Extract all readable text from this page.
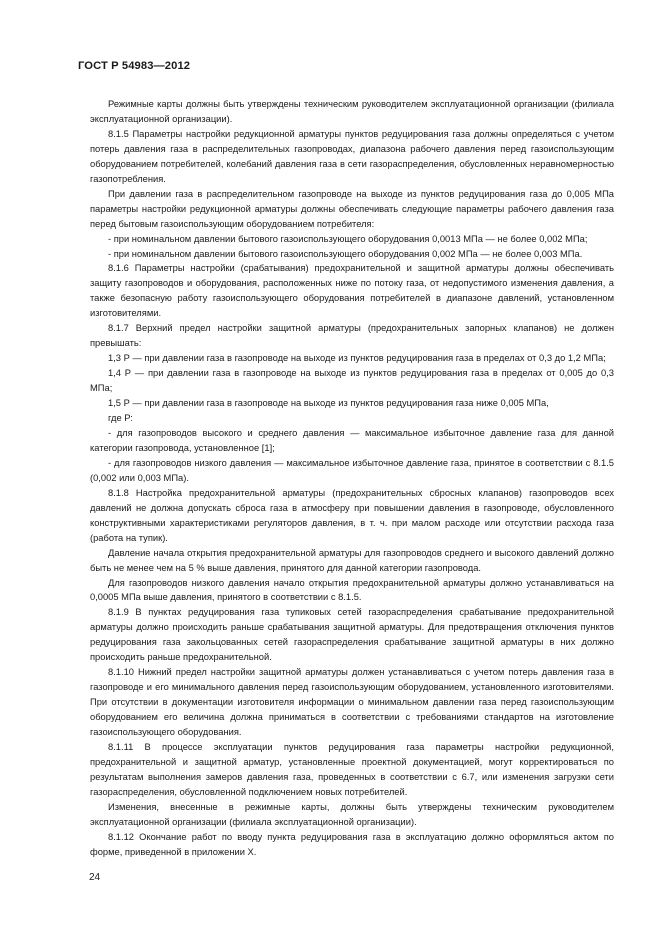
ГОСТ Р 54983—2012

Режимные карты должны быть утверждены техническим руководителем эксплуатационной организации (филиала эксплуатационной организации).

8.1.5 Параметры настройки редукционной арматуры пунктов редуцирования газа должны определяться с учетом потерь давления газа в распределительных газопроводах, диапазона рабочего давления перед газоиспользующим оборудованием потребителей, колебаний давления газа в сети газораспределения, обусловленных неравномерностью газопотребления.

При давлении газа в распределительном газопроводе на выходе из пунктов редуцирования газа до 0,005 МПа параметры настройки редукционной арматуры должны обеспечивать следующие параметры рабочего давления газа перед бытовым газоиспользующим оборудованием потребителя:

- при номинальном давлении бытового газоиспользующего оборудования 0,0013 МПа — не более 0,002 МПа;

- при номинальном давлении бытового газоиспользующего оборудования 0,002 МПа — не более 0,003 МПа.

8.1.6 Параметры настройки (срабатывания) предохранительной и защитной арматуры должны обеспечивать защиту газопроводов и оборудования, расположенных ниже по потоку газа, от недопустимого изменения давления, а также безопасную работу газоиспользующего оборудования потребителей в диапазоне давлений, установленном изготовителями.

8.1.7 Верхний предел настройки защитной арматуры (предохранительных запорных клапанов) не должен превышать:

1,3 Р — при давлении газа в газопроводе на выходе из пунктов редуцирования газа в пределах от 0,3 до 1,2 МПа;

1,4 Р — при давлении газа в газопроводе на выходе из пунктов редуцирования газа в пределах от 0,005 до 0,3 МПа;

1,5 Р — при давлении газа в газопроводе на выходе из пунктов редуцирования газа ниже 0,005 МПа,

где Р:

- для газопроводов высокого и среднего давления — максимальное избыточное давление газа для данной категории газопровода, установленное [1];

- для газопроводов низкого давления — максимальное избыточное давление газа, принятое в соответствии с 8.1.5 (0,002 или 0,003 МПа).

8.1.8 Настройка предохранительной арматуры (предохранительных сбросных клапанов) газопроводов всех давлений не должна допускать сброса газа в атмосферу при повышении давления в газопроводе, обусловленного конструктивными характеристиками регуляторов давления, в т. ч. при малом расходе или отсутствии расхода газа (работа на тупик).

Давление начала открытия предохранительной арматуры для газопроводов среднего и высокого давлений должно быть не менее чем на 5 % выше давления, принятого для данной категории газопровода.

Для газопроводов низкого давления начало открытия предохранительной арматуры должно устанавливаться на 0,0005 МПа выше давления, принятого в соответствии с 8.1.5.

8.1.9 В пунктах редуцирования газа тупиковых сетей газораспределения срабатывание предохранительной арматуры должно происходить раньше срабатывания защитной арматуры. Для предотвращения отключения пунктов редуцирования газа закольцованных сетей газораспределения срабатывание защитной арматуры в них должно происходить раньше предохранительной.

8.1.10 Нижний предел настройки защитной арматуры должен устанавливаться с учетом потерь давления газа в газопроводе и его минимального давления перед газоиспользующим оборудованием, установленного изготовителями. При отсутствии в документации изготовителя информации о минимальном давлении газа перед газоиспользующим оборудованием его величина должна приниматься в соответствии с требованиями стандартов на изготовление газоиспользующего оборудования.

8.1.11 В процессе эксплуатации пунктов редуцирования газа параметры настройки редукционной, предохранительной и защитной арматур, установленные проектной документацией, могут корректироваться по результатам выполнения замеров давления газа, проведенных в соответствии с 6.7, или изменения загрузки сети газораспределения, обусловленной подключением новых потребителей.

Изменения, внесенные в режимные карты, должны быть утверждены техническим руководителем эксплуатационной организации (филиала эксплуатационной организации).

8.1.12 Окончание работ по вводу пункта редуцирования газа в эксплуатацию должно оформляться актом по форме, приведенной в приложении Х.

24
